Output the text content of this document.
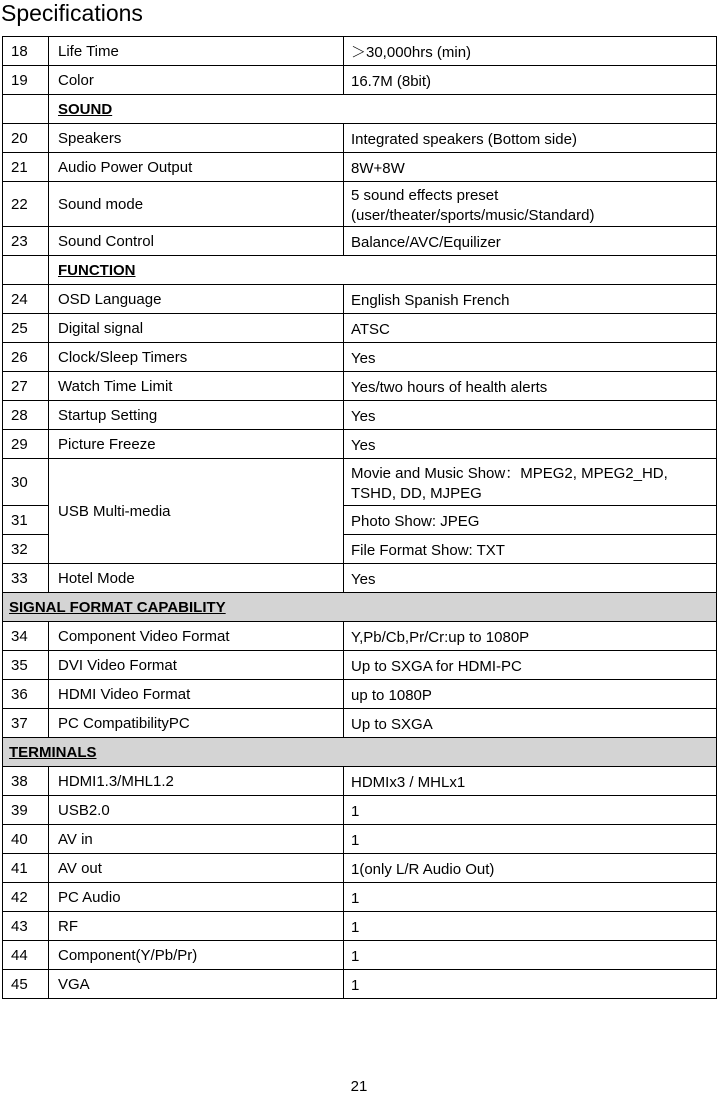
Specifications
18	Life Time	＞30,000hrs (min)
19	Color	16.7M (8bit)
	SOUND	
20	Speakers	Integrated speakers (Bottom side)
21	Audio Power Output	8W+8W
22	Sound mode	5 sound effects preset
(user/theater/sports/music/Standard)

23	Sound Control	Balance/AVC/Equilizer
	FUNCTION	
24	OSD Language	English Spanish French
25	Digital signal	ATSC
26	Clock/Sleep Timers	Yes
27	Watch Time Limit	Yes/two hours of health alerts
28	Startup Setting	Yes
29	Picture Freeze	Yes
30	USB Multi-media	Movie and Music Show：MPEG2, MPEG2_HD,
TSHD, DD, MJPEG

31		Photo Show: JPEG
32		File Format Show: TXT
33	Hotel Mode	Yes
SIGNAL FORMAT CAPABILITY		
34	Component Video Format	Y,Pb/Cb,Pr/Cr:up to 1080P
35	DVI Video Format	Up to SXGA for HDMI-PC
36	HDMI Video Format	up to 1080P
37	PC CompatibilityPC	Up to SXGA
TERMINALS		
38	HDMI1.3/MHL1.2	HDMIx3 / MHLx1
39	USB2.0	1
40	AV in	1
41	AV out	1(only L/R Audio Out)
42	PC Audio	1
43	RF	1
44	Component(Y/Pb/Pr)	1
45	VGA	1
21
